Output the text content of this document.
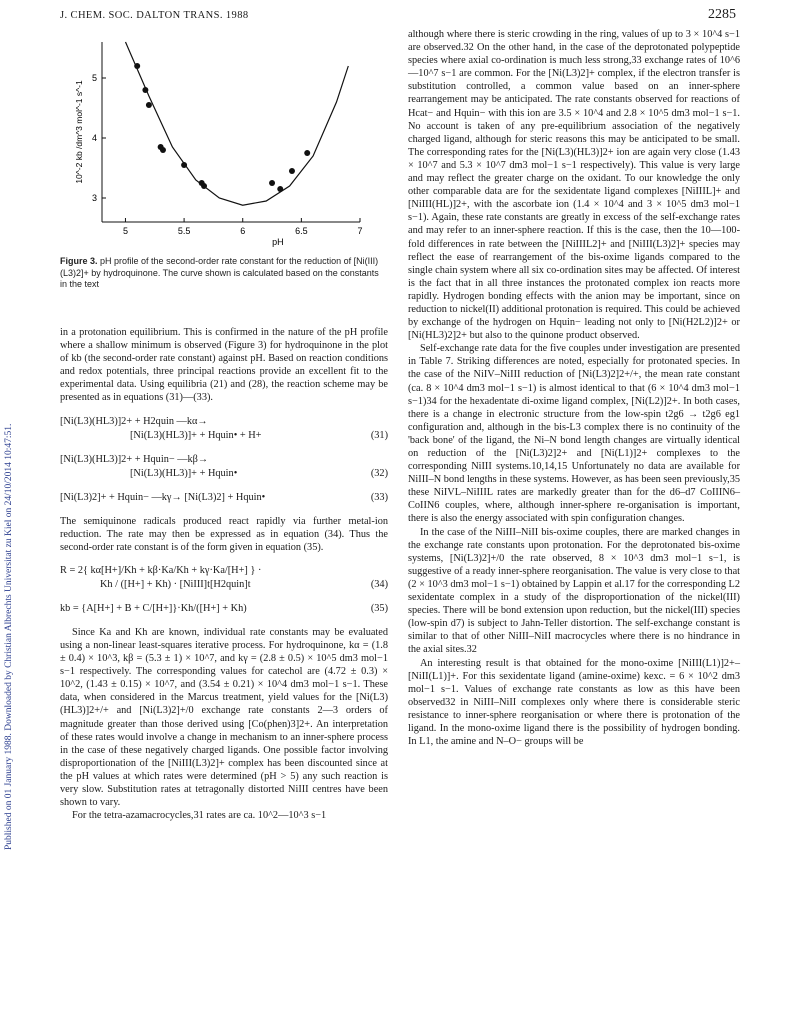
Published on 01 January 1988. Downloaded by Christian Albrechts Universitat zu Kiel on 24/10/2014 10:47:51.
J. CHEM. SOC. DALTON TRANS. 1988	2285
5	5.5	6	6.5	7
3
4
5
pH
10^-2 kb /dm^3 mol^-1 s^-1
Figure 3. pH profile of the second-order rate constant for the reduction of [Ni(III)(L3)2]+ by hydroquinone. The curve shown is calculated based on the constants in the text

in a protonation equilibrium. This is confirmed in the nature of the pH profile where a shallow minimum is observed (Figure 3) for hydroquinone in the plot of kb (the second-order rate constant) against pH. Based on reaction conditions and redox potentials, three principal reactions provide an excellent fit to the experimental data. Using equilibria (21) and (28), the reaction scheme may be presented as in equations (31)—(33).

[Ni(L3)(HL3)]2+ + H2quin —kα→
[Ni(L3)(HL3)]+ + Hquin• + H+	(31)
[Ni(L3)(HL3)]2+ + Hquin− —kβ→
[Ni(L3)(HL3)]+ + Hquin•	(32)
[Ni(L3)2]+ + Hquin− —kγ→ [Ni(L3)2] + Hquin•	(33)

The semiquinone radicals produced react rapidly via further metal-ion reduction. The rate may then be expressed as in equation (34). Thus the second-order rate constant is of the form given in equation (35).

R = 2{ kα[H+]/Kh + kβ·Ka/Kh + kγ·Ka/[H+] } ·
Kh / ([H+] + Kh) · [NiIII]t[H2quin]t	(34)
kb = {A[H+] + B + C/[H+]}·Kh/([H+] + Kh)	(35)

Since Ka and Kh are known, individual rate constants may be evaluated using a non-linear least-squares iterative process. For hydroquinone, kα = (1.8 ± 0.4) × 10^3, kβ = (5.3 ± 1) × 10^7, and kγ = (2.8 ± 0.5) × 10^5 dm3 mol−1 s−1 respectively. The corresponding values for catechol are (4.72 ± 0.3) × 10^2, (1.43 ± 0.15) × 10^7, and (3.54 ± 0.21) × 10^4 dm3 mol−1 s−1. These data, when considered in the Marcus treatment, yield values for the [Ni(L3)(HL3)]2+/+ and [Ni(L3)2]+/0 exchange rate constants 2—3 orders of magnitude greater than those derived using [Co(phen)3]2+. An interpretation of these rates would involve a change in mechanism to an inner-sphere process in the case of these negatively charged ligands. One possible factor involving disproportionation of the [NiIII(L3)2]+ complex has been discounted since at the pH values at which rates were determined (pH > 5) any such reaction is very slow. Substitution rates at tetragonally distorted NiIII centres have been shown to vary.

For the tetra-azamacrocycles,31 rates are ca. 10^2—10^3 s−1

although where there is steric crowding in the ring, values of up to 3 × 10^4 s−1 are observed.32 On the other hand, in the case of the deprotonated polypeptide species where axial co-ordination is much less strong,33 exchange rates of 10^6—10^7 s−1 are common. For the [Ni(L3)2]+ complex, if the electron transfer is substitution controlled, a common value based on an inner-sphere rearrangement may be anticipated. The rate constants observed for reactions of Hcat− and Hquin− with this ion are 3.5 × 10^4 and 2.8 × 10^5 dm3 mol−1 s−1. No account is taken of any pre-equilibrium association of the negatively charged ligand, although for steric reasons this may be anticipated to be small. The corresponding rates for the [Ni(L3)(HL3)]2+ ion are again very close (1.43 × 10^7 and 5.3 × 10^7 dm3 mol−1 s−1 respectively). This value is very large and may reflect the greater charge on the oxidant. To our knowledge the only other comparable data are for the sexidentate ligand complexes [NiIIIL]+ and [NiIII(HL)]2+, with the ascorbate ion (1.4 × 10^4 and 3 × 10^5 dm3 mol−1 s−1). Again, these rate constants are greatly in excess of the self-exchange rates and may refer to an inner-sphere reaction. If this is the case, then the 10—100-fold differences in rate between the [NiIIIL2]+ and [NiIII(L3)2]+ species may reflect the ease of rearrangement of the bis-oxime ligands compared to the single chain system where all six co-ordination sites may be affected. Of interest is the fact that in all three instances the protonated complex ion reacts more rapidly. Hydrogen bonding effects with the anion may be important, since on reduction to nickel(II) additional protonation is required. This could be achieved by exchange of the hydrogen on Hquin− leading not only to [Ni(H2L2)]2+ or [Ni(HL3)2]2+ but also to the quinone product observed.

Self-exchange rate data for the five couples under investigation are presented in Table 7. Striking differences are noted, especially for protonated species. In the case of the NiIV–NiIII reduction of [Ni(L3)2]2+/+, the mean rate constant (ca. 8 × 10^4 dm3 mol−1 s−1) is almost identical to that (6 × 10^4 dm3 mol−1 s−1)34 for the hexadentate di-oxime ligand complex, [Ni(L2)]2+. In both cases, there is a change in electronic structure from the low-spin t2g6 → t2g6 eg1 configuration and, although in the bis-L3 complex there is no continuity of the 'back bone' of the ligand, the Ni–N bond length changes are virtually identical on reduction of the [Ni(L3)2]2+ and [Ni(L1)]2+ complexes to the corresponding NiIII systems.10,14,15 Unfortunately no data are available for NiIII–N bond lengths in these systems. However, as has been seen previously,35 these NiIVL–NiIIIL rates are markedly greater than for the d6–d7 CoIIIN6–CoIIN6 couples, where, although inner-sphere re-organisation is important, there is also the energy associated with spin configuration changes.

In the case of the NiIII–NiII bis-oxime couples, there are marked changes in the exchange rate constants upon protonation. For the deprotonated bis-oxime systems, [Ni(L3)2]+/0 the rate observed, 8 × 10^3 dm3 mol−1 s−1, is suggestive of a ready inner-sphere reorganisation. The value is very close to that (2 × 10^3 dm3 mol−1 s−1) obtained by Lappin et al.17 for the corresponding L2 sexidentate complex in a study of the disproportionation of the nickel(III) species. There will be bond extension upon reduction, but the nickel(III) species (low-spin d7) is subject to Jahn-Teller distortion. The self-exchange constant is similar to that of other NiIII–NiII macrocycles where there is no hindrance in the axial sites.32

An interesting result is that obtained for the mono-oxime [NiIII(L1)]2+–[NiII(L1)]+. For this sexidentate ligand (amine-oxime) kexc. = 6 × 10^2 dm3 mol−1 s−1. Values of exchange rate constants as low as this have been observed32 in NiIII–NiII complexes only where there is considerable steric resistance to inner-sphere reorganisation or where there is protonation of the ligand. In the mono-oxime ligand there is the possibility of hydrogen bonding. In L1, the amine and N–O− groups will be
